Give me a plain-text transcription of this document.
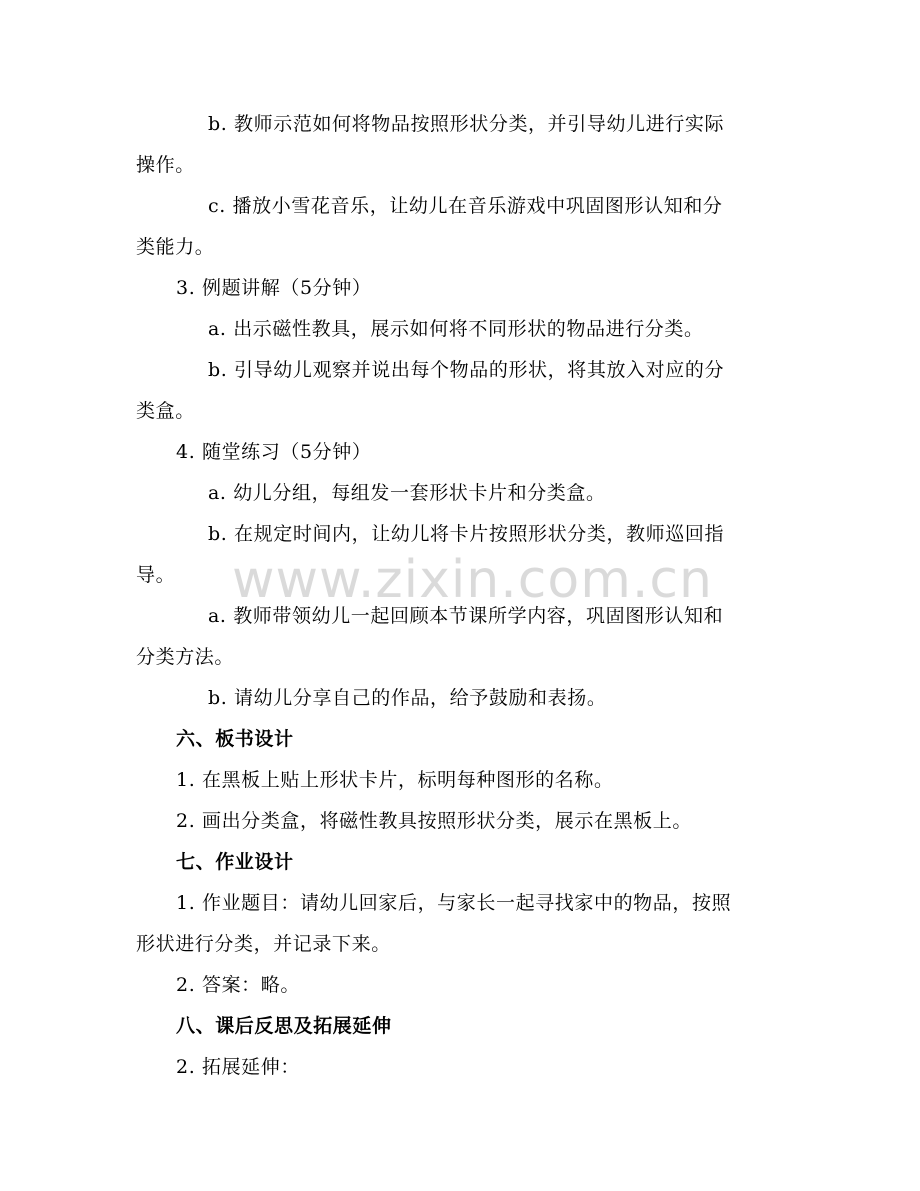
b. 教师示范如何将物品按照形状分类，并引导幼儿进行实际
操作。
c. 播放小雪花音乐，让幼儿在音乐游戏中巩固图形认知和分
类能力。
3. 例题讲解（5分钟）
a. 出示磁性教具，展示如何将不同形状的物品进行分类。
b. 引导幼儿观察并说出每个物品的形状，将其放入对应的分
类盒。
4. 随堂练习（5分钟）
a. 幼儿分组，每组发一套形状卡片和分类盒。
b. 在规定时间内，让幼儿将卡片按照形状分类，教师巡回指
导。
a. 教师带领幼儿一起回顾本节课所学内容，巩固图形认知和
分类方法。
b. 请幼儿分享自己的作品，给予鼓励和表扬。
六、板书设计
1. 在黑板上贴上形状卡片，标明每种图形的名称。
2. 画出分类盒，将磁性教具按照形状分类，展示在黑板上。
七、作业设计
1. 作业题目：请幼儿回家后，与家长一起寻找家中的物品，按照
形状进行分类，并记录下来。
2. 答案：略。
八、课后反思及拓展延伸
2. 拓展延伸：
www.zixin.com.cn
